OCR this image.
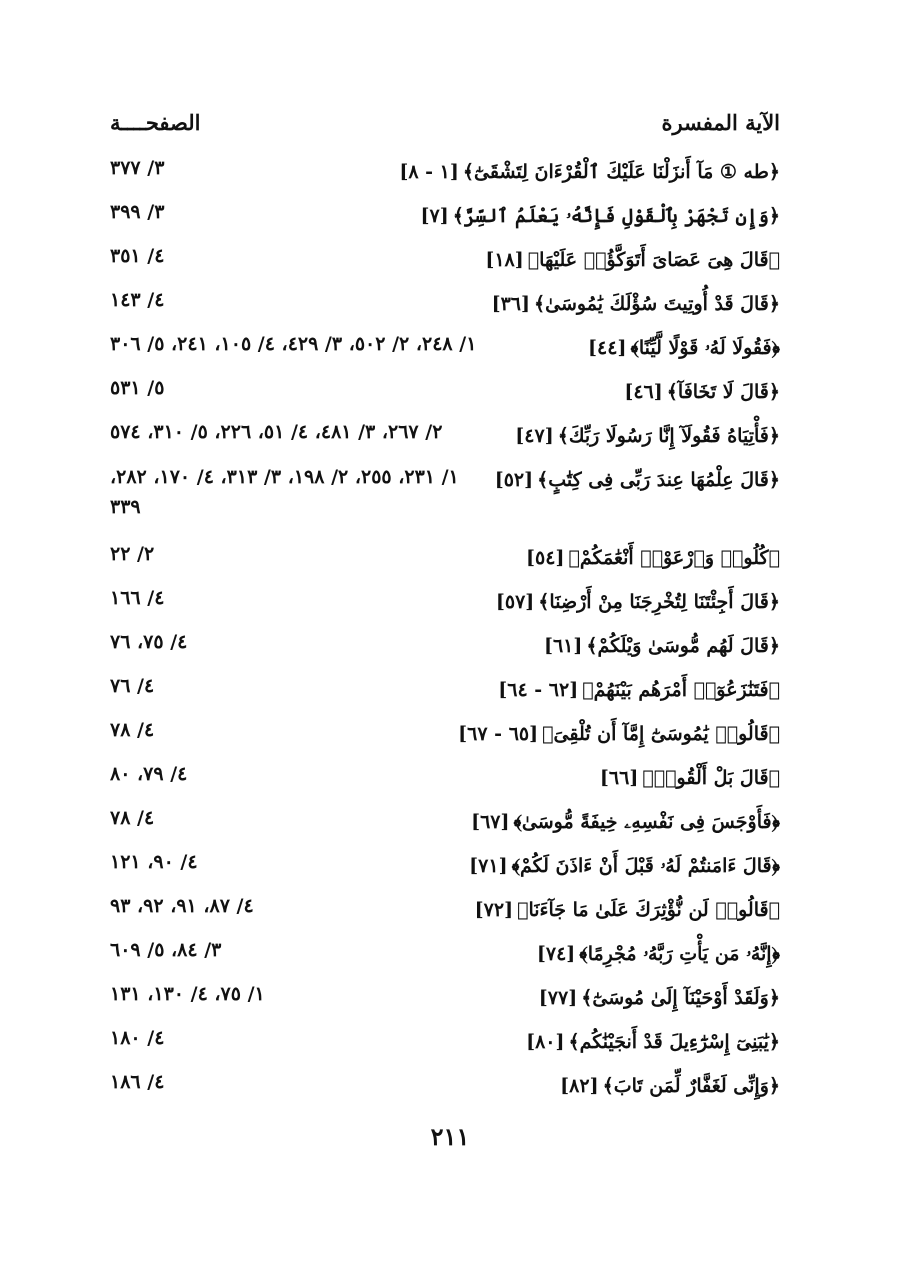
الآية المفسرة
الصفحــــة
﴿طه ① مَآ أَنزَلْنَا عَلَيْكَ ٱلْقُرْءَانَ لِتَشْقَىٰٓ﴾[١ - ٨]
٣/ ٣٧٧
﴿وَإِن تَجْهَرْ بِٱلْقَوْلِ فَإِنَّهُۥ يَعْلَمُ ٱلسِّرَّ﴾[٧]
٣/ ٣٩٩
﴿قَالَ هِىَ عَصَاىَ أَتَوَكَّؤُا۟ عَلَيْهَا﴾[١٨]
٤/ ٣٥١
﴿قَالَ قَدْ أُوتِيتَ سُؤْلَكَ يَٰمُوسَىٰ﴾[٣٦]
٤/ ١٤٣
﴿فَقُولَا لَهُۥ قَوْلًا لَّيِّنًا﴾[٤٤]
١/ ٢٤٨، ٢/ ٥٠٢، ٣/ ٤٢٩، ٤/ ١٠٥، ٢٤١، ٥/ ٣٠٦
﴿قَالَ لَا تَخَافَآ﴾[٤٦]
٥/ ٥٣١
﴿فَأْتِيَاهُ فَقُولَآ إِنَّا رَسُولَا رَبِّكَ﴾[٤٧]
٢/ ٢٦٧، ٣/ ٤٨١، ٤/ ٥١، ٢٢٦، ٥/ ٣١٠، ٥٧٤
﴿قَالَ عِلْمُهَا عِندَ رَبِّى فِى كِتَٰبٍ﴾[٥٢]
١/ ٢٣١، ٢٥٥، ٢/ ١٩٨، ٣/ ٣١٣، ٤/ ١٧٠، ٢٨٢، ٣٣٩
﴿كُلُوا۟ وَٱرْعَوْا۟ أَنْعَٰمَكُمْ﴾[٥٤]
٢/ ٢٢
﴿قَالَ أَجِئْتَنَا لِتُخْرِجَنَا مِنْ أَرْضِنَا﴾[٥٧]
٤/ ١٦٦
﴿قَالَ لَهُم مُّوسَىٰ وَيْلَكُمْ﴾[٦١]
٤/ ٧٥، ٧٦
﴿فَتَنَٰزَعُوٓا۟ أَمْرَهُم بَيْنَهُمْ﴾[٦٢ - ٦٤]
٤/ ٧٦
﴿قَالُوا۟ يَٰمُوسَىٰٓ إِمَّآ أَن تُلْقِىَ﴾[٦٥ - ٦٧]
٤/ ٧٨
﴿قَالَ بَلْ أَلْقُوا۟﴾[٦٦]
٤/ ٧٩، ٨٠
﴿فَأَوْجَسَ فِى نَفْسِهِۦ خِيفَةً مُّوسَىٰ﴾[٦٧]
٤/ ٧٨
﴿قَالَ ءَامَنتُمْ لَهُۥ قَبْلَ أَنْ ءَاذَنَ لَكُمْ﴾[٧١]
٤/ ٩٠، ١٢١
﴿قَالُوا۟ لَن نُّؤْثِرَكَ عَلَىٰ مَا جَآءَنَا﴾[٧٢]
٤/ ٨٧، ٩١، ٩٢، ٩٣
﴿إِنَّهُۥ مَن يَأْتِ رَبَّهُۥ مُجْرِمًا﴾[٧٤]
٣/ ٨٤، ٥/ ٦٠٩
﴿وَلَقَدْ أَوْحَيْنَآ إِلَىٰ مُوسَىٰٓ﴾[٧٧]
١/ ٧٥، ٤/ ١٣٠، ١٣١
﴿يَٰبَنِىٓ إِسْرَٰٓءِيلَ قَدْ أَنجَيْنَٰكُم﴾[٨٠]
٤/ ١٨٠
﴿وَإِنِّى لَغَفَّارٌ لِّمَن تَابَ﴾[٨٢]
٤/ ١٨٦
٢١١
